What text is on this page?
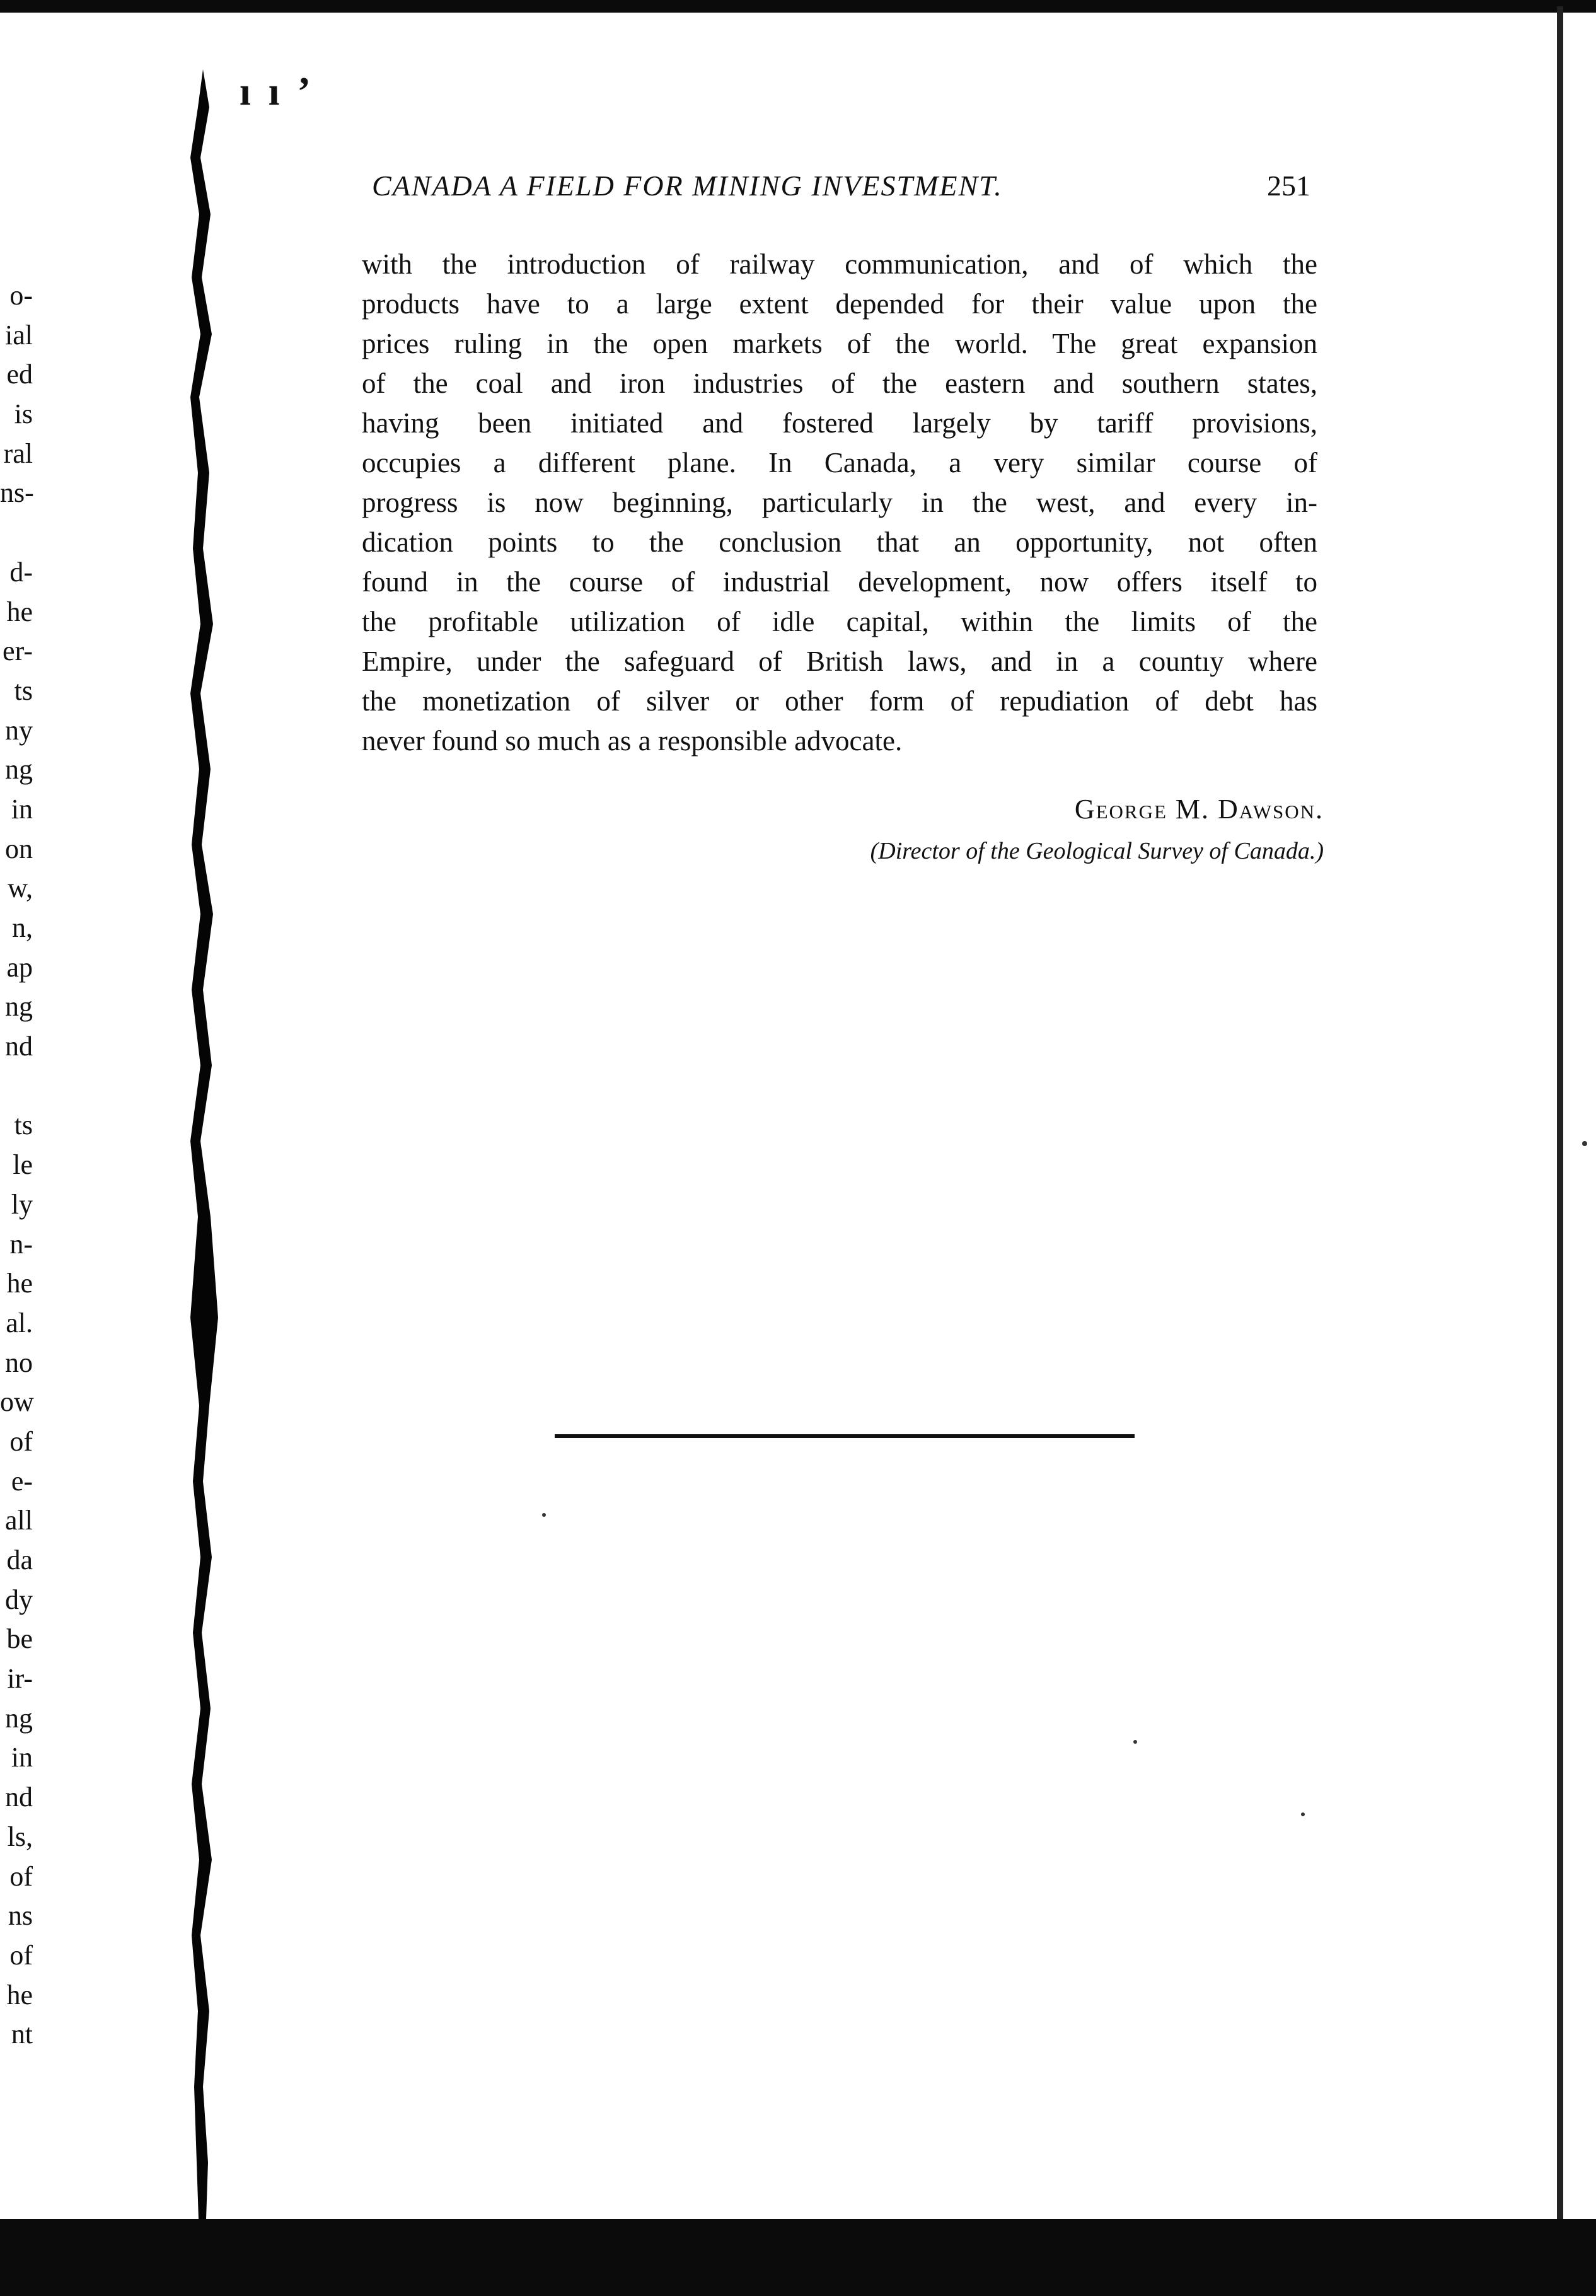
o-
ial
ed
is
ral
ns-
d-
he
er-
ts
ny
ng
in
on
w,
n,
ap
ng
nd
ts
le
ly
n-
he
al.
no
ow
of
e-
all
da
dy
be
ir-
ng
in
nd
ls,
of
ns
of
he
nt
ı ı ʼ
CANADA A FIELD FOR MINING INVESTMENT.	251
with the introduction of railway communication, and of which the
products have to a large extent depended for their value upon the
prices ruling in the open markets of the world. The great expansion
of the coal and iron industries of the eastern and southern states,
having been initiated and fostered largely by tariff provisions,
occupies a different plane. In Canada, a very similar course of
progress is now beginning, particularly in the west, and every in-
dication points to the conclusion that an opportunity, not often
found in the course of industrial development, now offers itself to
the profitable utilization of idle capital, within the limits of the
Empire, under the safeguard of British laws, and in a countıy where
the monetization of silver or other form of repudiation of debt has
never found so much as a responsible advocate.
George M. Dawson.
(Director of the Geological Survey of Canada.)
